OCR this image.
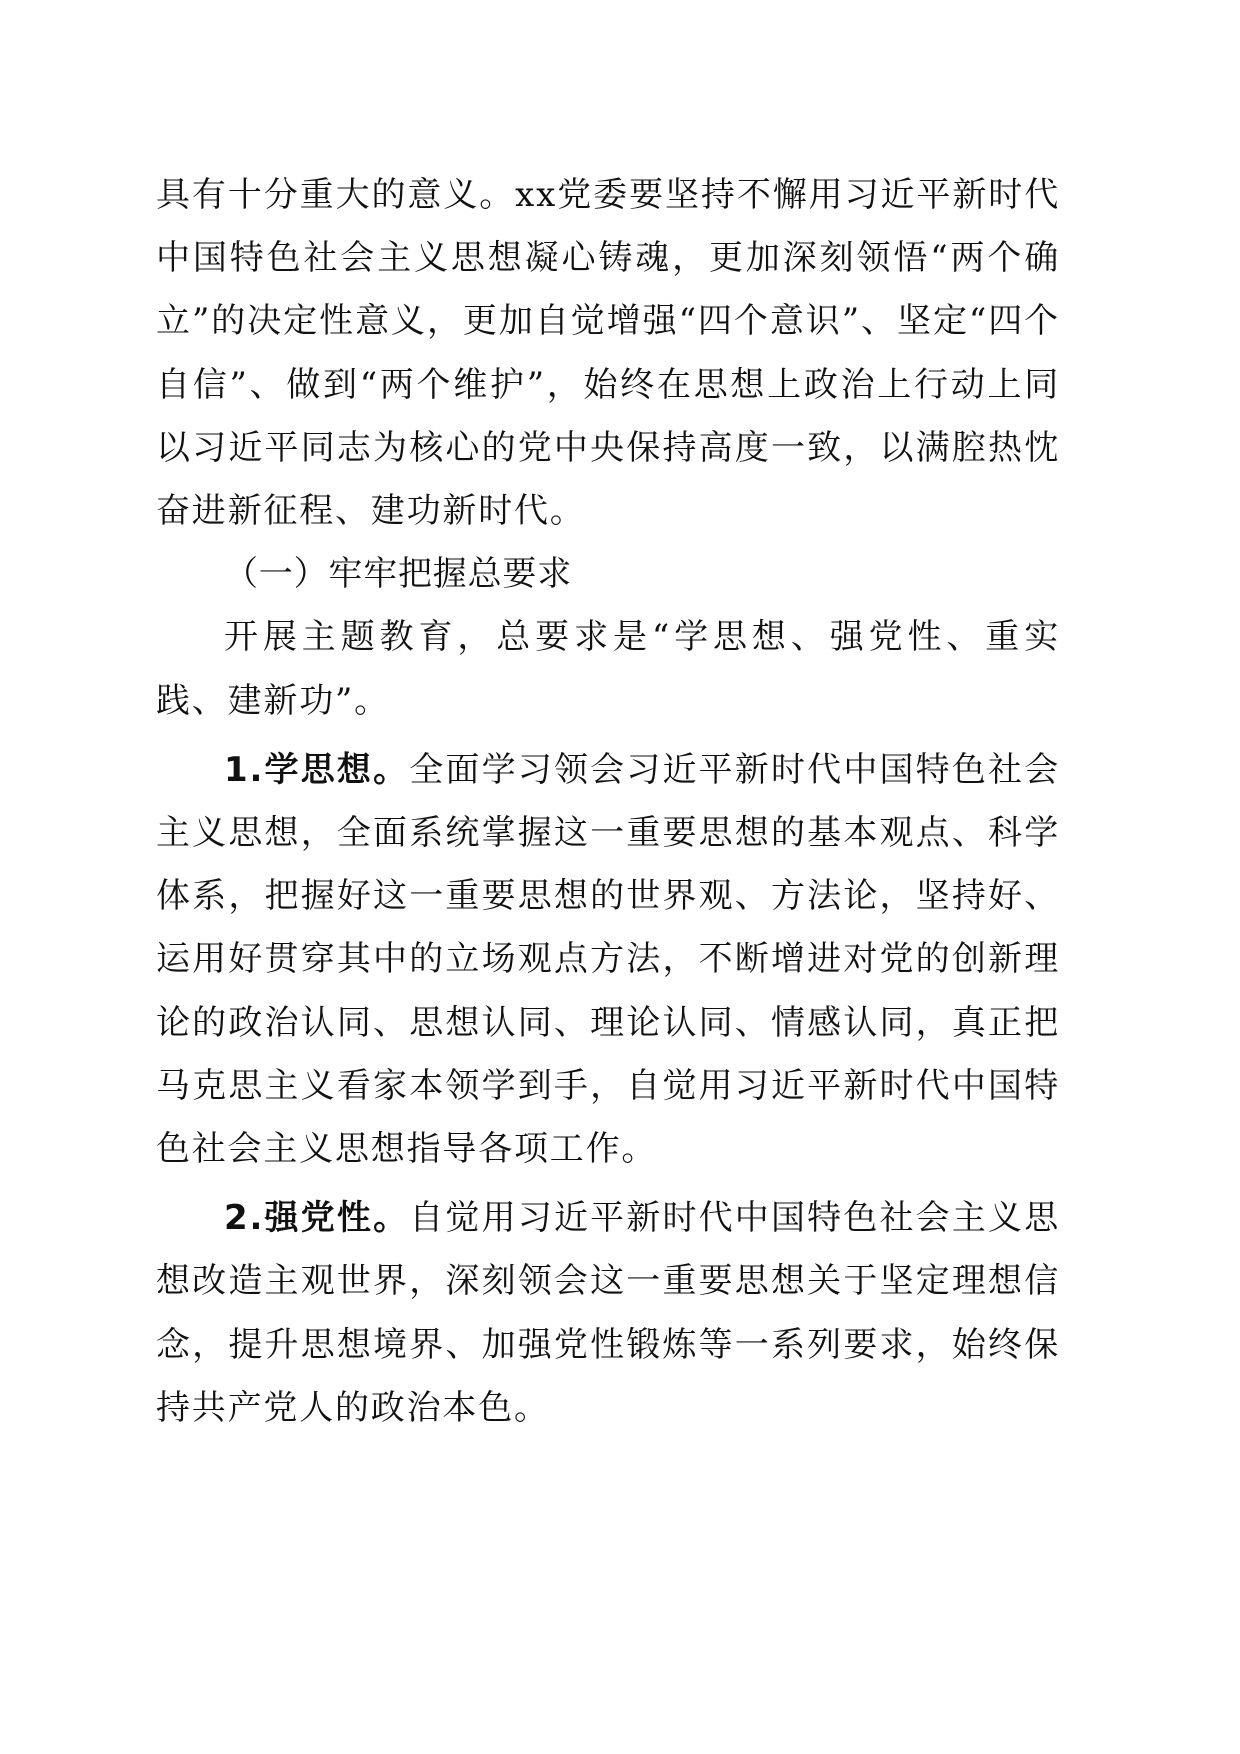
具有十分重大的意义。xx党委要坚持不懈用习近平新时代中国特色社会主义思想凝心铸魂，更加深刻领悟“两个确立”的决定性意义，更加自觉增强“四个意识”、坚定“四个自信”、做到“两个维护”，始终在思想上政治上行动上同以习近平同志为核心的党中央保持高度一致，以满腔热忱奋进新征程、建功新时代。

（一）牢牢把握总要求

开展主题教育，总要求是“学思想、强党性、重实践、建新功”。

1.学思想。全面学习领会习近平新时代中国特色社会主义思想，全面系统掌握这一重要思想的基本观点、科学体系，把握好这一重要思想的世界观、方法论，坚持好、运用好贯穿其中的立场观点方法，不断增进对党的创新理论的政治认同、思想认同、理论认同、情感认同，真正把马克思主义看家本领学到手，自觉用习近平新时代中国特色社会主义思想指导各项工作。

2.强党性。自觉用习近平新时代中国特色社会主义思想改造主观世界，深刻领会这一重要思想关于坚定理想信念，提升思想境界、加强党性锻炼等一系列要求，始终保持共产党人的政治本色。
